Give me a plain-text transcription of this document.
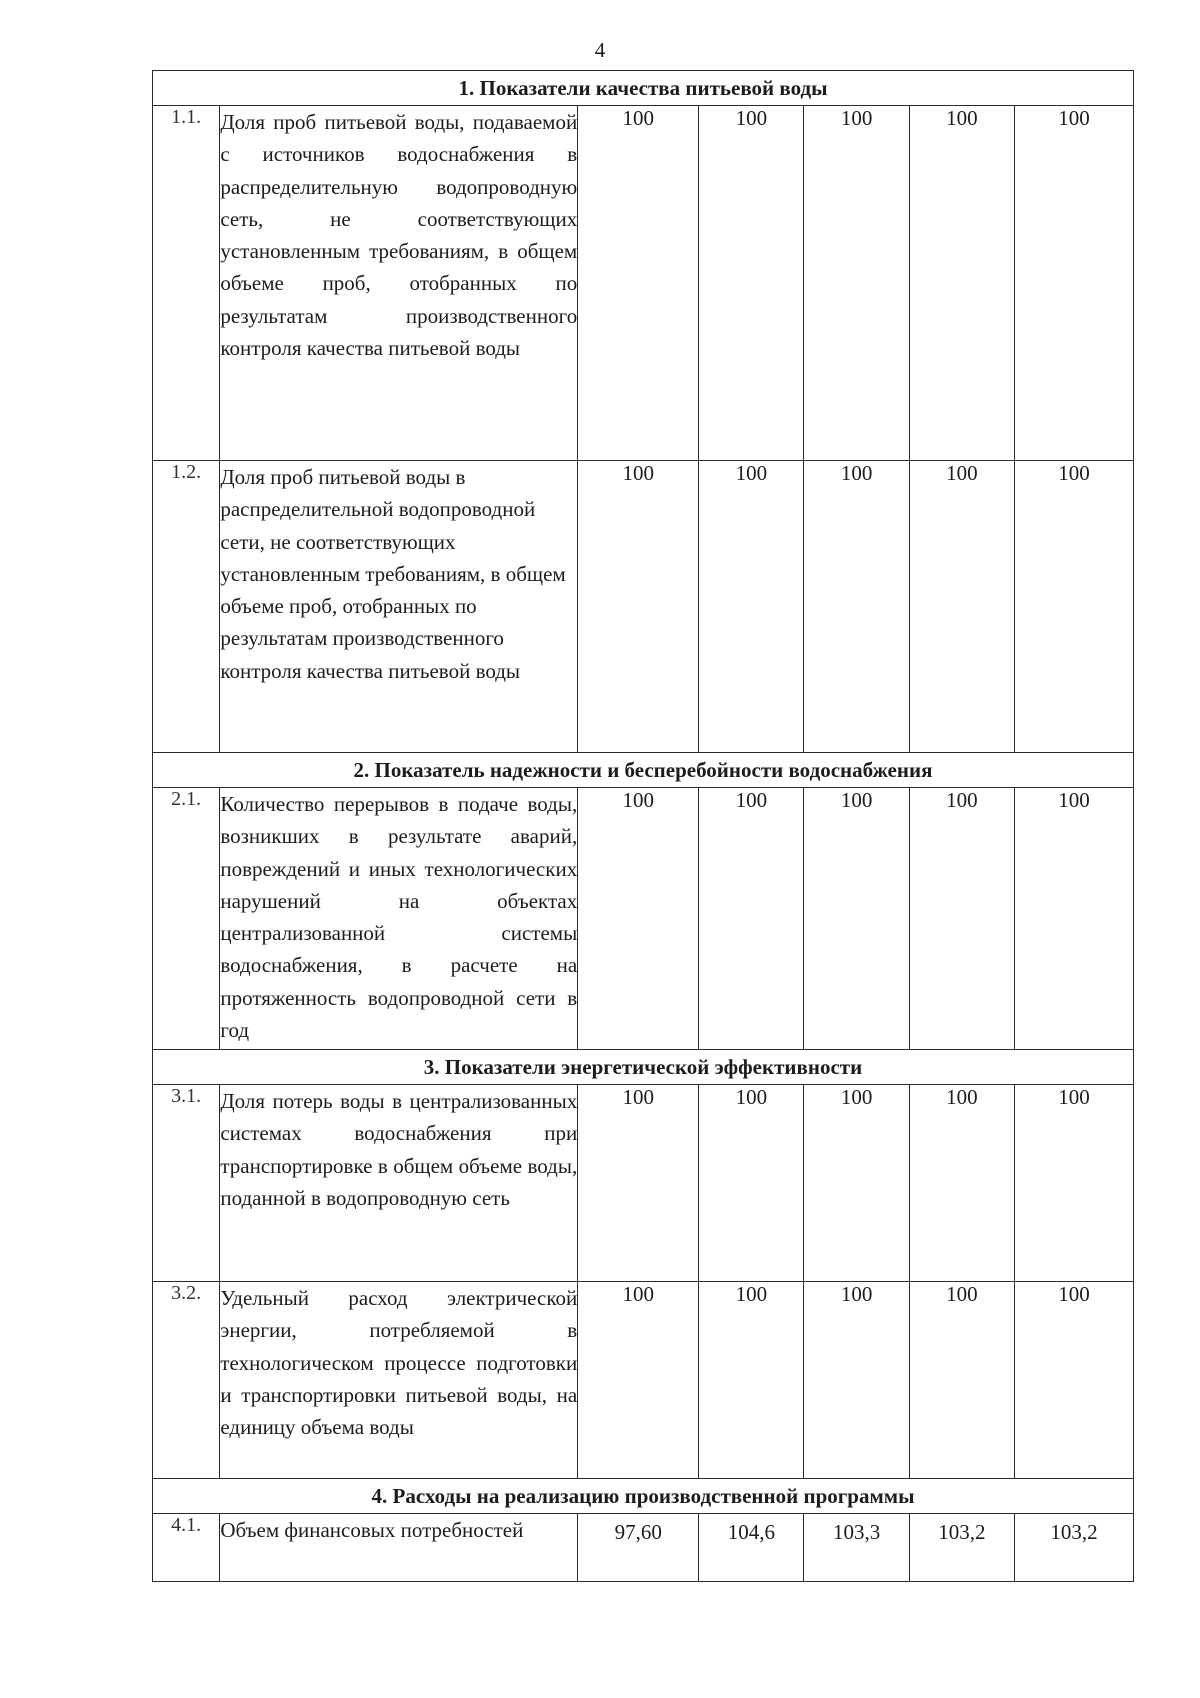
4
1. Показатели качества питьевой воды						
1.1.	Доля проб питьевой воды, подаваемой с источников водоснабжения в распределительную водопроводную сеть, не соответствующих установленным требованиям, в общем объеме проб, отобранных по результатам производственного контроля качества питьевой воды	100	100	100	100	100
1.2.	Доля проб питьевой воды в распределительной водопроводной сети, не соответствующих установленным требованиям, в общем объеме проб, отобранных по результатам производственного контроля качества питьевой воды	100	100	100	100	100
2. Показатель надежности и бесперебойности водоснабжения						
2.1.	Количество перерывов в подаче воды, возникших в результате аварий, повреждений и иных технологических нарушений на объектах централизованной системы водоснабжения, в расчете на протяженность водопроводной сети в год	100	100	100	100	100
3. Показатели энергетической эффективности						
3.1.	Доля потерь воды в централизованных системах водоснабжения при транспортировке в общем объеме воды, поданной в водопроводную сеть	100	100	100	100	100
3.2.	Удельный расход электрической энергии, потребляемой в технологическом процессе подготовки и транспортировки питьевой воды, на единицу объема воды	100	100	100	100	100
4. Расходы на реализацию производственной программы						
4.1.	Объем финансовых потребностей	97,60	104,6	103,3	103,2	103,2
